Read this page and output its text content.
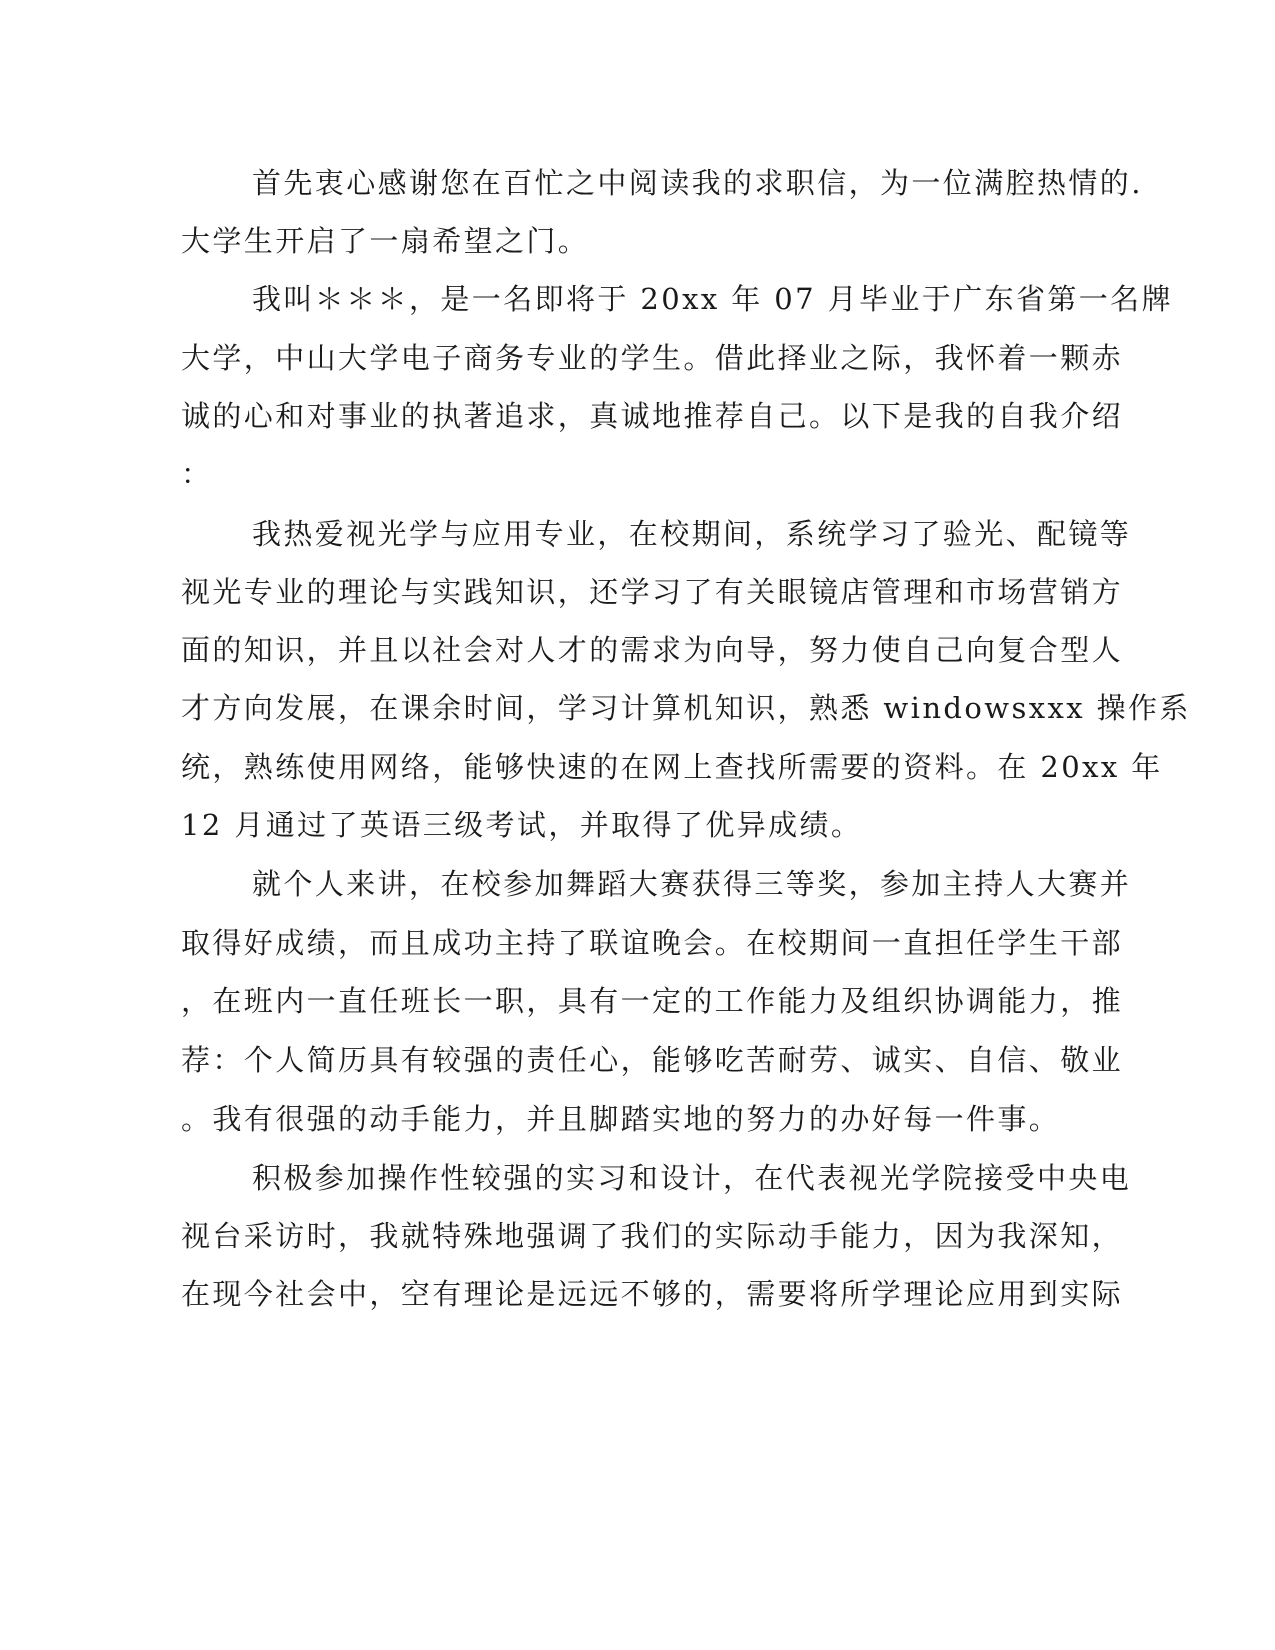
首先衷心感谢您在百忙之中阅读我的求职信，为一位满腔热情的.

大学生开启了一扇希望之门。

我叫＊＊＊，是一名即将于 20xx 年 07 月毕业于广东省第一名牌

大学，中山大学电子商务专业的学生。借此择业之际，我怀着一颗赤

诚的心和对事业的执著追求，真诚地推荐自己。以下是我的自我介绍

：

我热爱视光学与应用专业，在校期间，系统学习了验光、配镜等

视光专业的理论与实践知识，还学习了有关眼镜店管理和市场营销方

面的知识，并且以社会对人才的需求为向导，努力使自己向复合型人

才方向发展，在课余时间，学习计算机知识，熟悉 windowsxxx 操作系

统，熟练使用网络，能够快速的在网上查找所需要的资料。在 20xx 年

12 月通过了英语三级考试，并取得了优异成绩。

就个人来讲，在校参加舞蹈大赛获得三等奖，参加主持人大赛并

取得好成绩，而且成功主持了联谊晚会。在校期间一直担任学生干部

，在班内一直任班长一职，具有一定的工作能力及组织协调能力，推

荐：个人简历具有较强的责任心，能够吃苦耐劳、诚实、自信、敬业

。我有很强的动手能力，并且脚踏实地的努力的办好每一件事。

积极参加操作性较强的实习和设计，在代表视光学院接受中央电

视台采访时，我就特殊地强调了我们的实际动手能力，因为我深知，

在现今社会中，空有理论是远远不够的，需要将所学理论应用到实际
